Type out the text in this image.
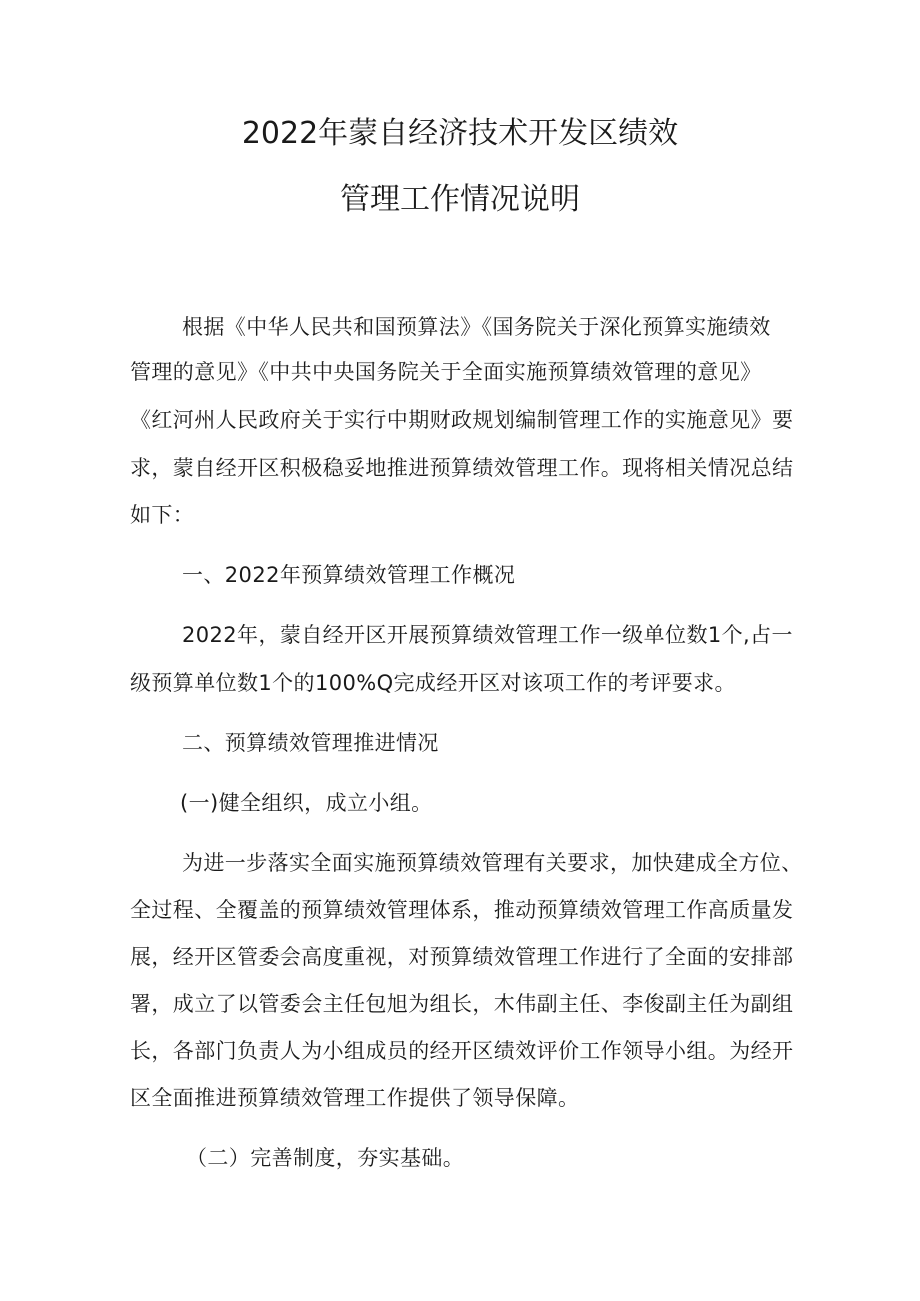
2022年蒙自经济技术开发区绩效
管理工作情况说明
根据《中华人民共和国预算法》《国务院关于深化预算实施绩效
管理的意见》《中共中央国务院关于全面实施预算绩效管理的意见》
《红河州人民政府关于实行中期财政规划编制管理工作的实施意见》要
求，蒙自经开区积极稳妥地推进预算绩效管理工作。现将相关情况总结
如下：
一、2022年预算绩效管理工作概况
2022年，蒙自经开区开展预算绩效管理工作一级单位数1个,占一
级预算单位数1个的100%Q完成经开区对该项工作的考评要求。
二、预算绩效管理推进情况
(一)健全组织，成立小组。
为进一步落实全面实施预算绩效管理有关要求，加快建成全方位、
全过程、全覆盖的预算绩效管理体系，推动预算绩效管理工作高质量发
展，经开区管委会高度重视，对预算绩效管理工作进行了全面的安排部
署，成立了以管委会主任包旭为组长，木伟副主任、李俊副主任为副组
长，各部门负责人为小组成员的经开区绩效评价工作领导小组。为经开
区全面推进预算绩效管理工作提供了领导保障。
（二）完善制度，夯实基础。
